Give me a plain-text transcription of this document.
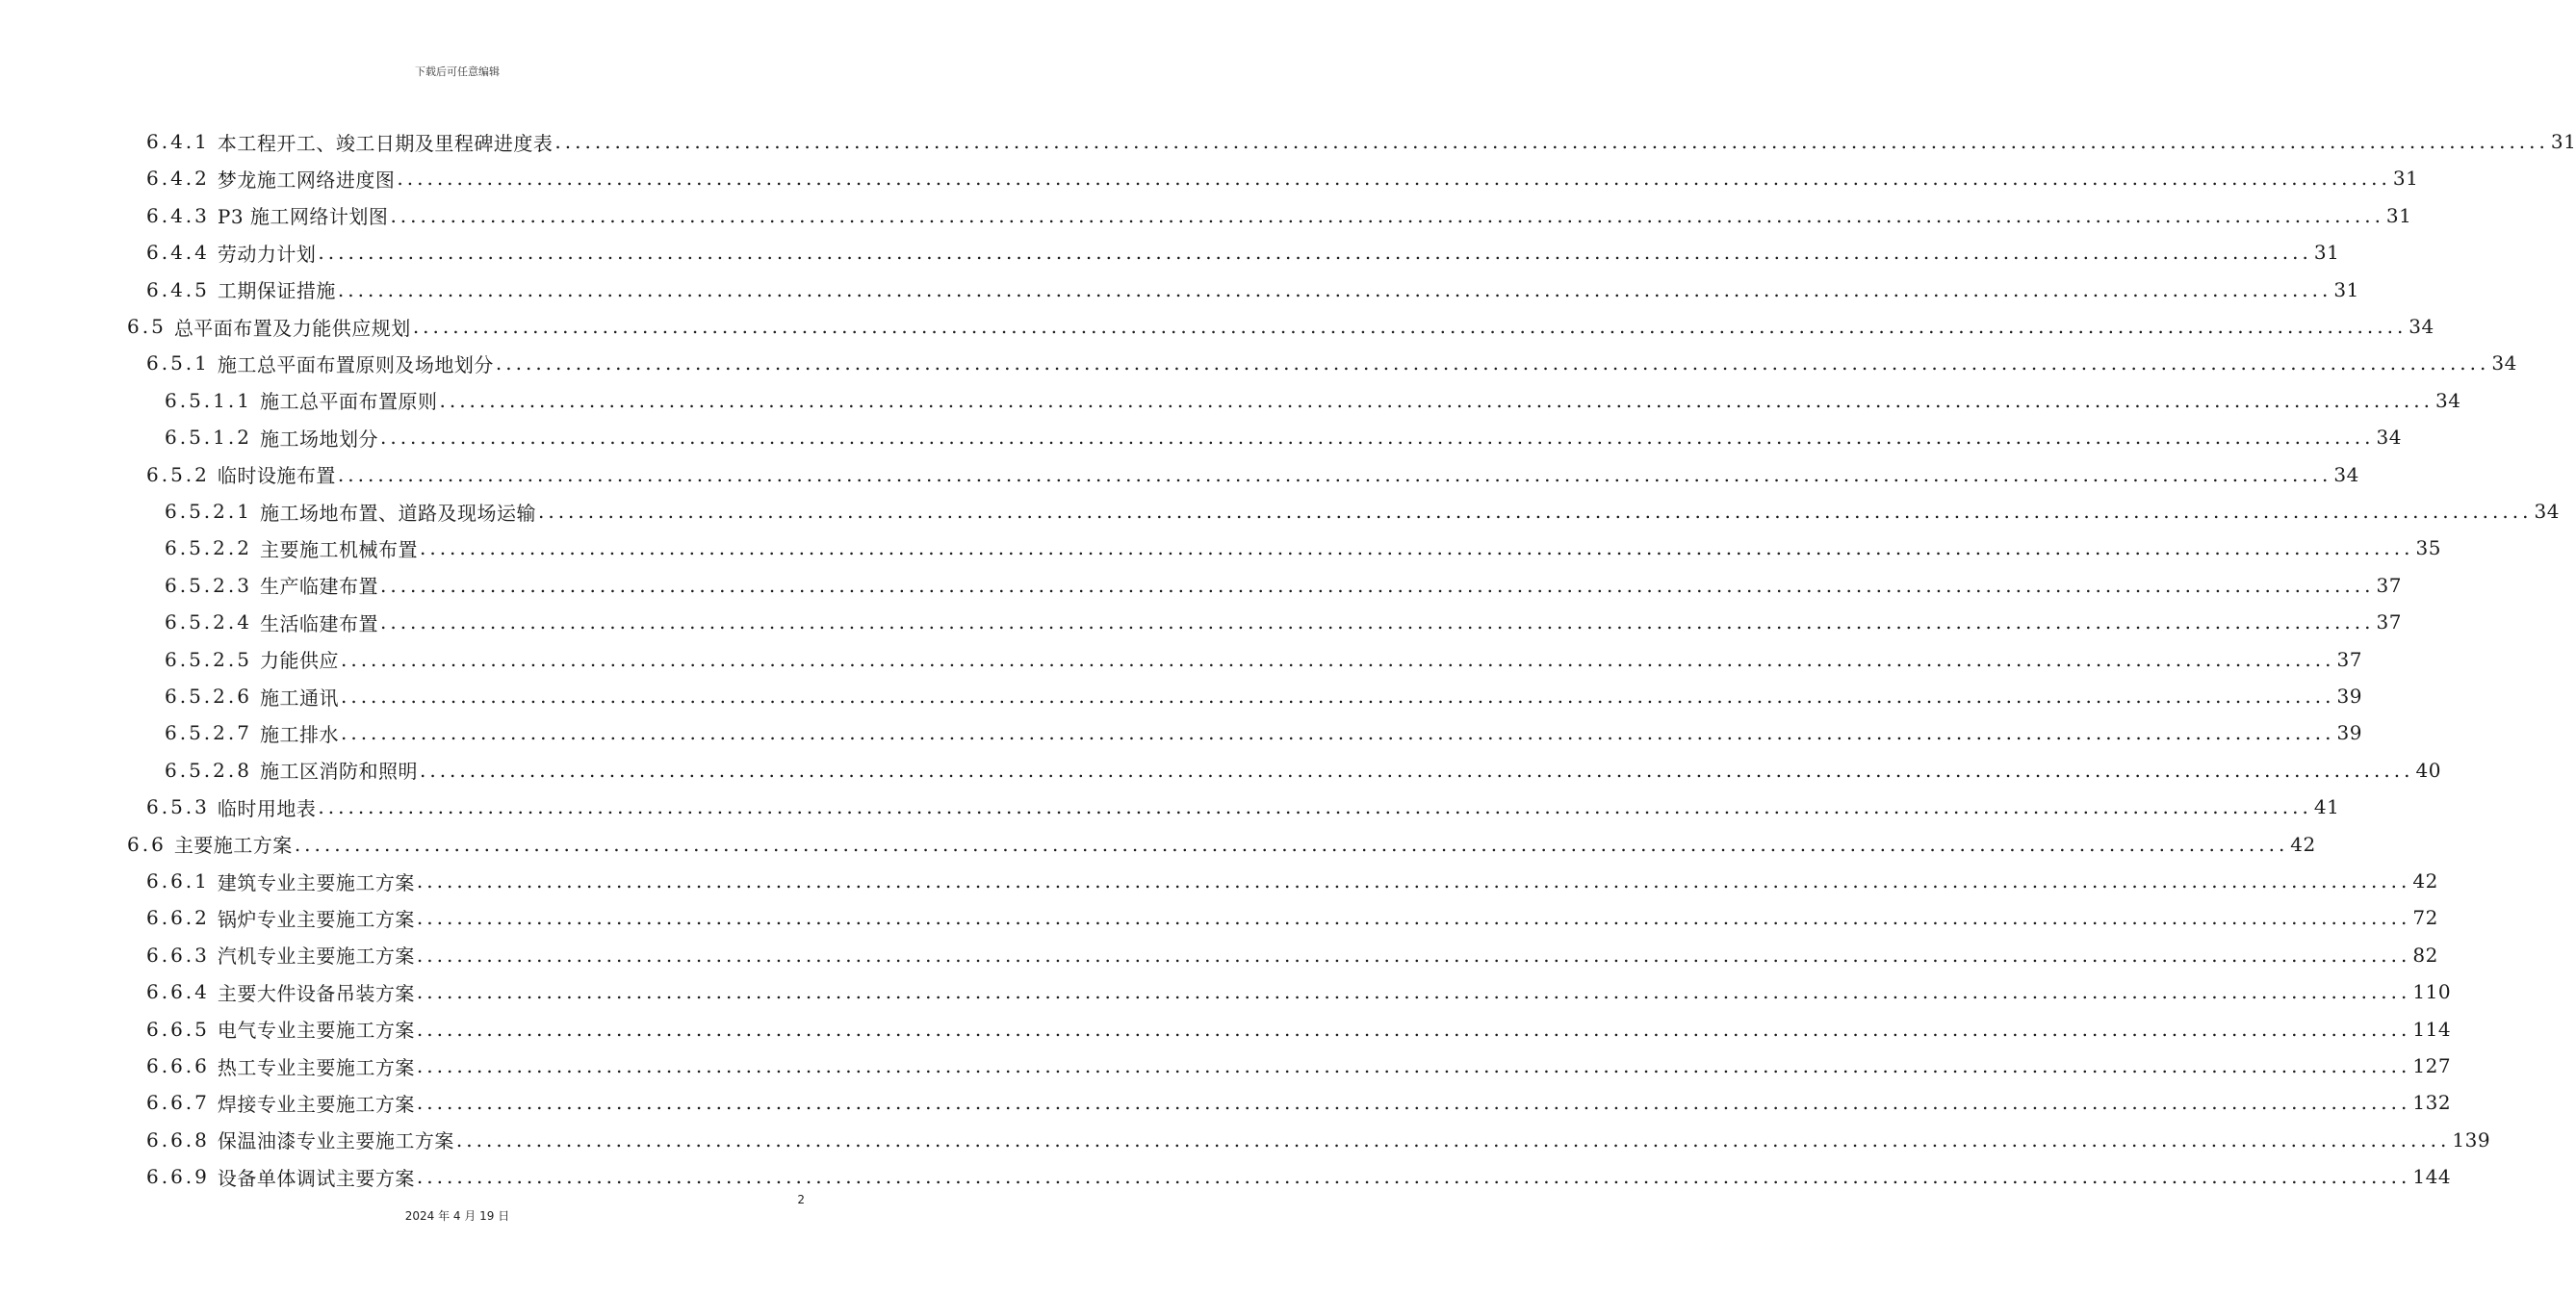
下载后可任意编辑
6.4.1 本工程开工、竣工日期及里程碑进度表 ........................................................................................................................................................................................................ 31
6.4.2 梦龙施工网络进度图 ........................................................................................................................................................................................................ 31
6.4.3 P3 施工网络计划图 ........................................................................................................................................................................................................ 31
6.4.4 劳动力计划 ........................................................................................................................................................................................................ 31
6.4.5 工期保证措施 ........................................................................................................................................................................................................ 31
6.5 总平面布置及力能供应规划 ........................................................................................................................................................................................................ 34
6.5.1 施工总平面布置原则及场地划分 ........................................................................................................................................................................................................ 34
6.5.1.1 施工总平面布置原则 ........................................................................................................................................................................................................ 34
6.5.1.2 施工场地划分 ........................................................................................................................................................................................................ 34
6.5.2 临时设施布置 ........................................................................................................................................................................................................ 34
6.5.2.1 施工场地布置、道路及现场运输 ........................................................................................................................................................................................................ 34
6.5.2.2 主要施工机械布置 ........................................................................................................................................................................................................ 35
6.5.2.3 生产临建布置 ........................................................................................................................................................................................................ 37
6.5.2.4 生活临建布置 ........................................................................................................................................................................................................ 37
6.5.2.5 力能供应 ........................................................................................................................................................................................................ 37
6.5.2.6 施工通讯 ........................................................................................................................................................................................................ 39
6.5.2.7 施工排水 ........................................................................................................................................................................................................ 39
6.5.2.8 施工区消防和照明 ........................................................................................................................................................................................................ 40
6.5.3 临时用地表 ........................................................................................................................................................................................................ 41
6.6 主要施工方案 ........................................................................................................................................................................................................ 42
6.6.1 建筑专业主要施工方案 ........................................................................................................................................................................................................ 42
6.6.2 锅炉专业主要施工方案 ........................................................................................................................................................................................................ 72
6.6.3 汽机专业主要施工方案 ........................................................................................................................................................................................................ 82
6.6.4 主要大件设备吊装方案 ........................................................................................................................................................................................................ 110
6.6.5 电气专业主要施工方案 ........................................................................................................................................................................................................ 114
6.6.6 热工专业主要施工方案 ........................................................................................................................................................................................................ 127
6.6.7 焊接专业主要施工方案 ........................................................................................................................................................................................................ 132
6.6.8 保温油漆专业主要施工方案 ........................................................................................................................................................................................................ 139
6.6.9 设备单体调试主要方案 ........................................................................................................................................................................................................ 144
2
2024 年 4 月 19 日
